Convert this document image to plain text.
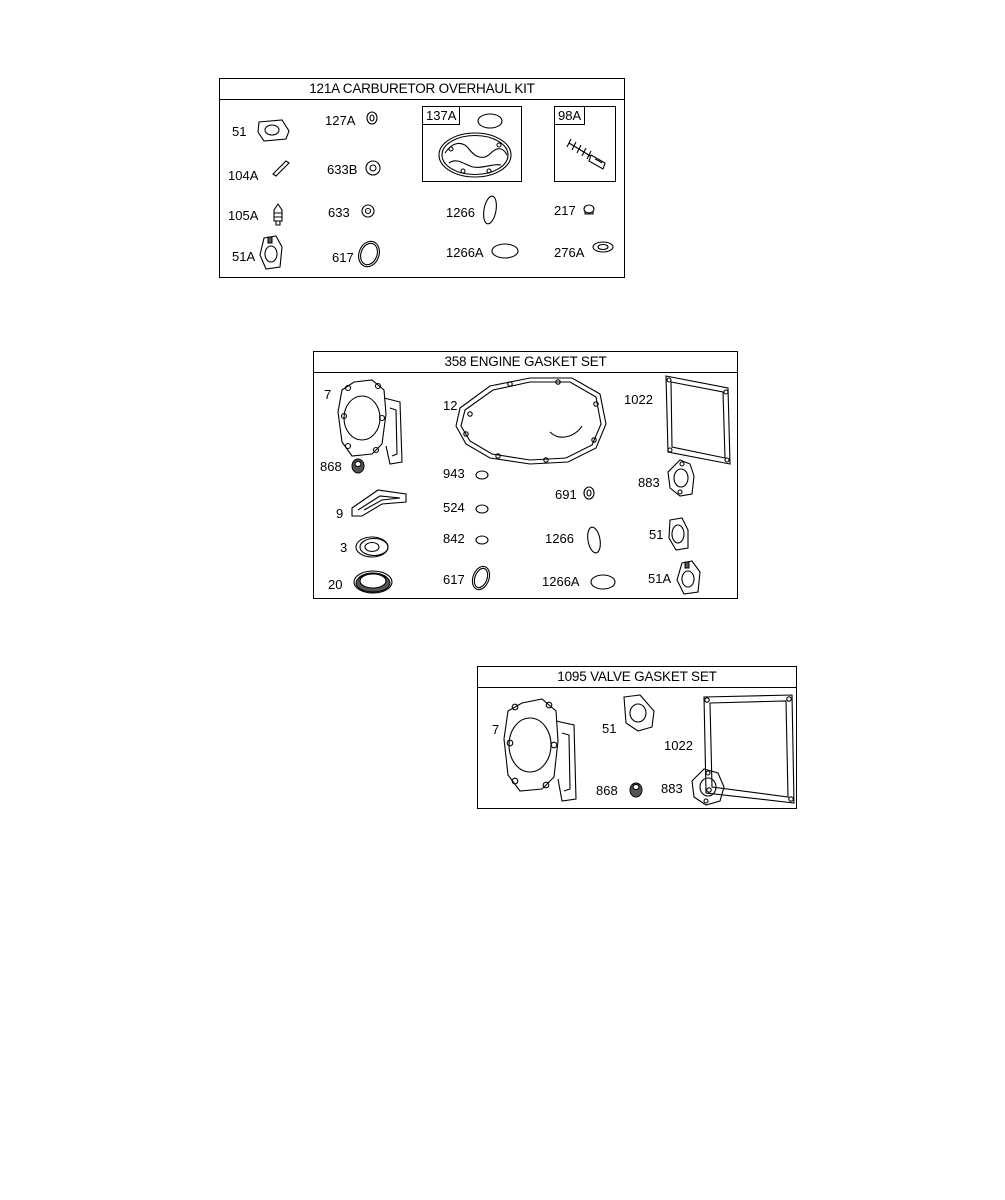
121A CARBURETOR OVERHAUL KIT
51
104A
105A
51A
127A
633B
633
617
137A
1266
1266A
98A
217
276A
358 ENGINE GASKET SET
7
868
9
3
20
12
943
524
842
617
691
1266
1266A
1022
883
51
51A
1095 VALVE GASKET SET
7	51
1022
868	883
